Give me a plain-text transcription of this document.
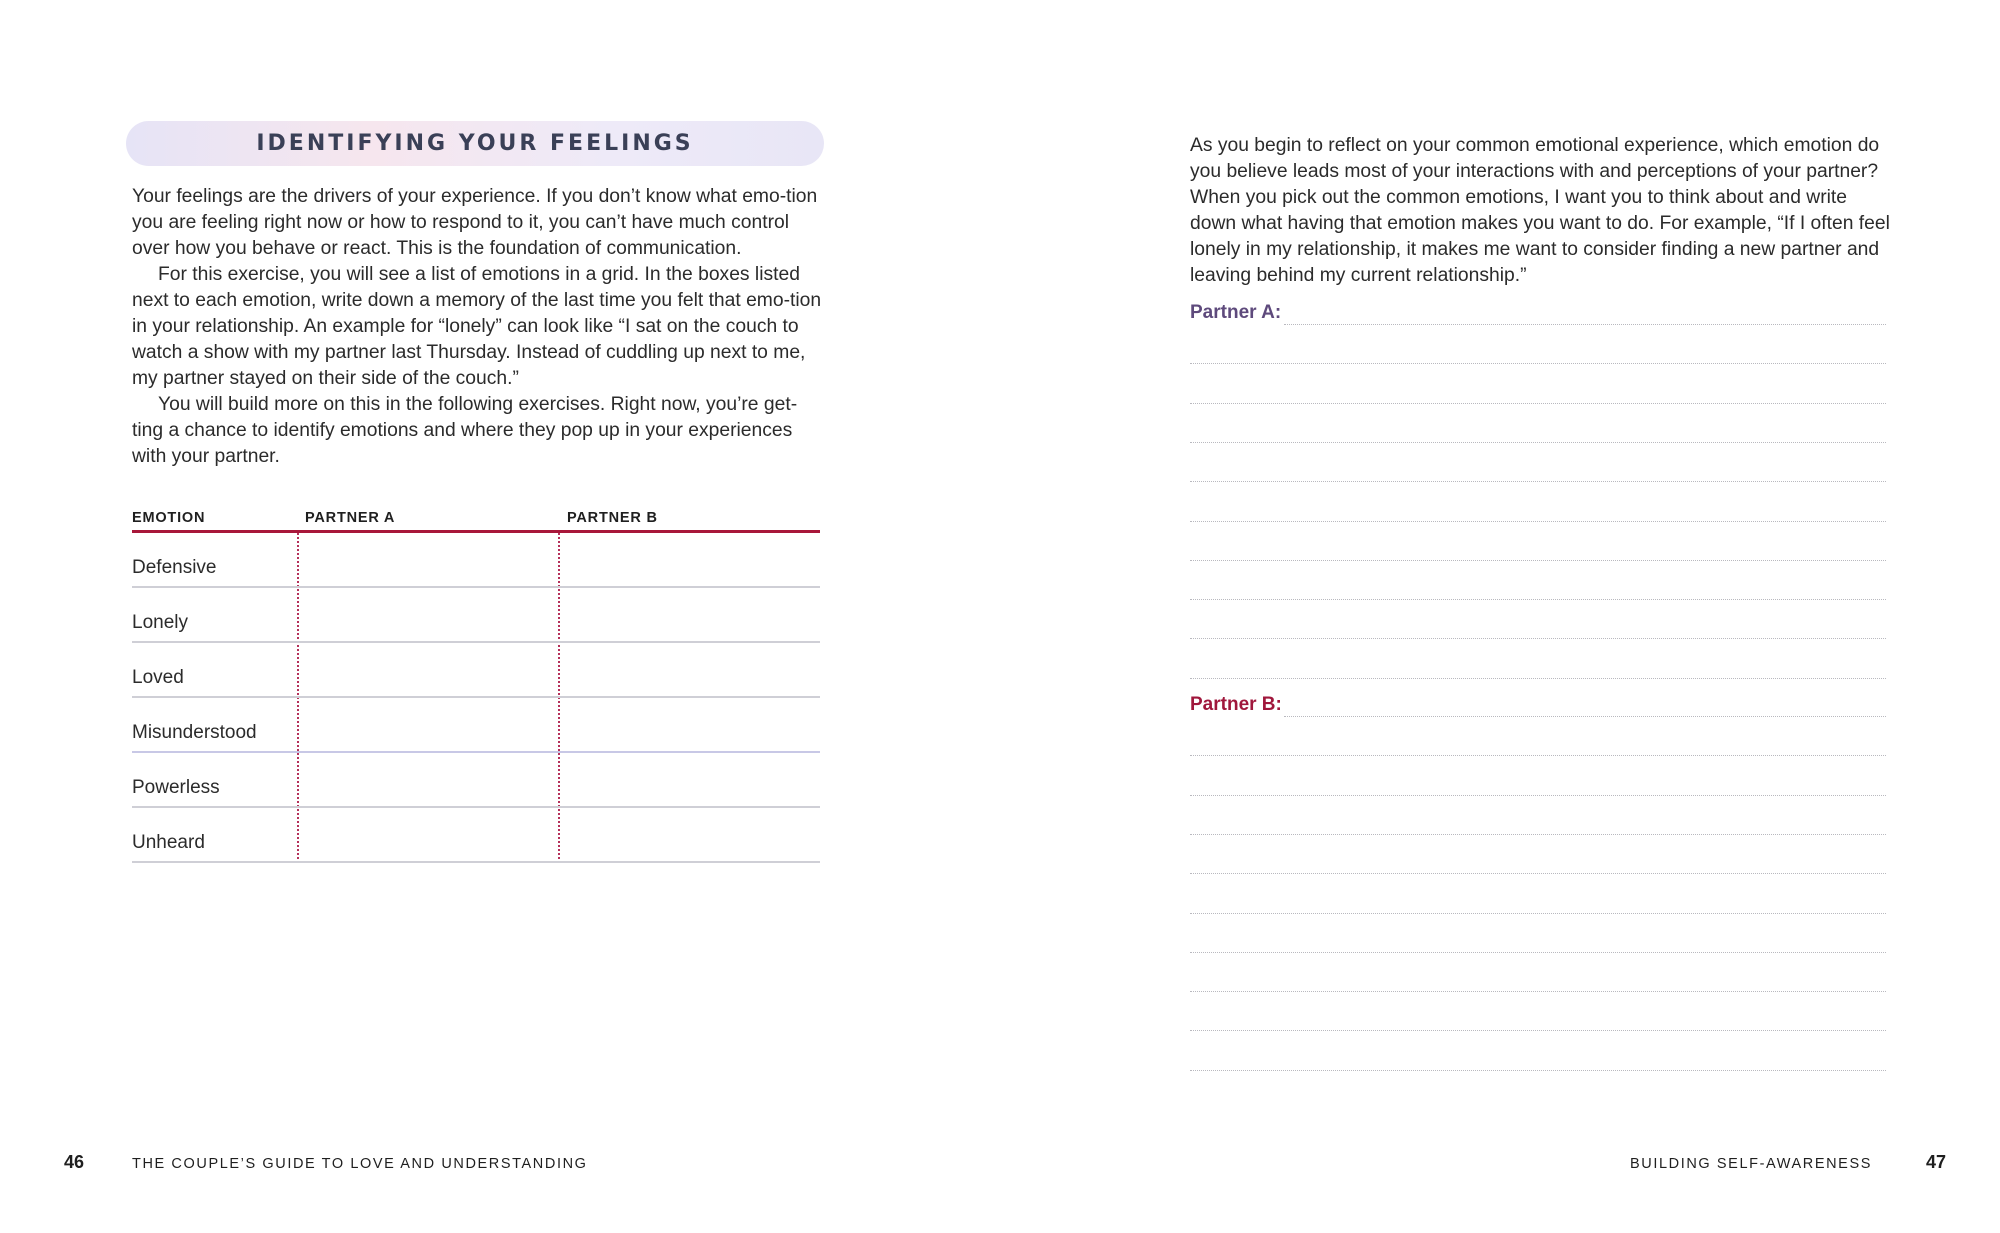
IDENTIFYING YOUR FEELINGS

Your feelings are the drivers of your experience. If you don’t know what emo-tion you are feeling right now or how to respond to it, you can’t have much control over how you behave or react. This is the foundation of communication.

For this exercise, you will see a list of emotions in a grid. In the boxes listed next to each emotion, write down a memory of the last time you felt that emo-tion in your relationship. An example for “lonely” can look like “I sat on the couch to watch a show with my partner last Thursday. Instead of cuddling up next to me, my partner stayed on their side of the couch.”

You will build more on this in the following exercises. Right now, you’re get-ting a chance to identify emotions and where they pop up in your experiences with your partner.

EMOTION	PARTNER A	PARTNER B
Defensive
Lonely
Loved
Misunderstood
Powerless
Unheard
46	THE COUPLE’S GUIDE TO LOVE AND UNDERSTANDING

As you begin to reflect on your common emotional experience, which emotion do you believe leads most of your interactions with and perceptions of your partner? When you pick out the common emotions, I want you to think about and write down what having that emotion makes you want to do. For example, “If I often feel lonely in my relationship, it makes me want to consider finding a new partner and leaving behind my current relationship.”

Partner A:
Partner B:
BUILDING SELF-AWARENESS	47
